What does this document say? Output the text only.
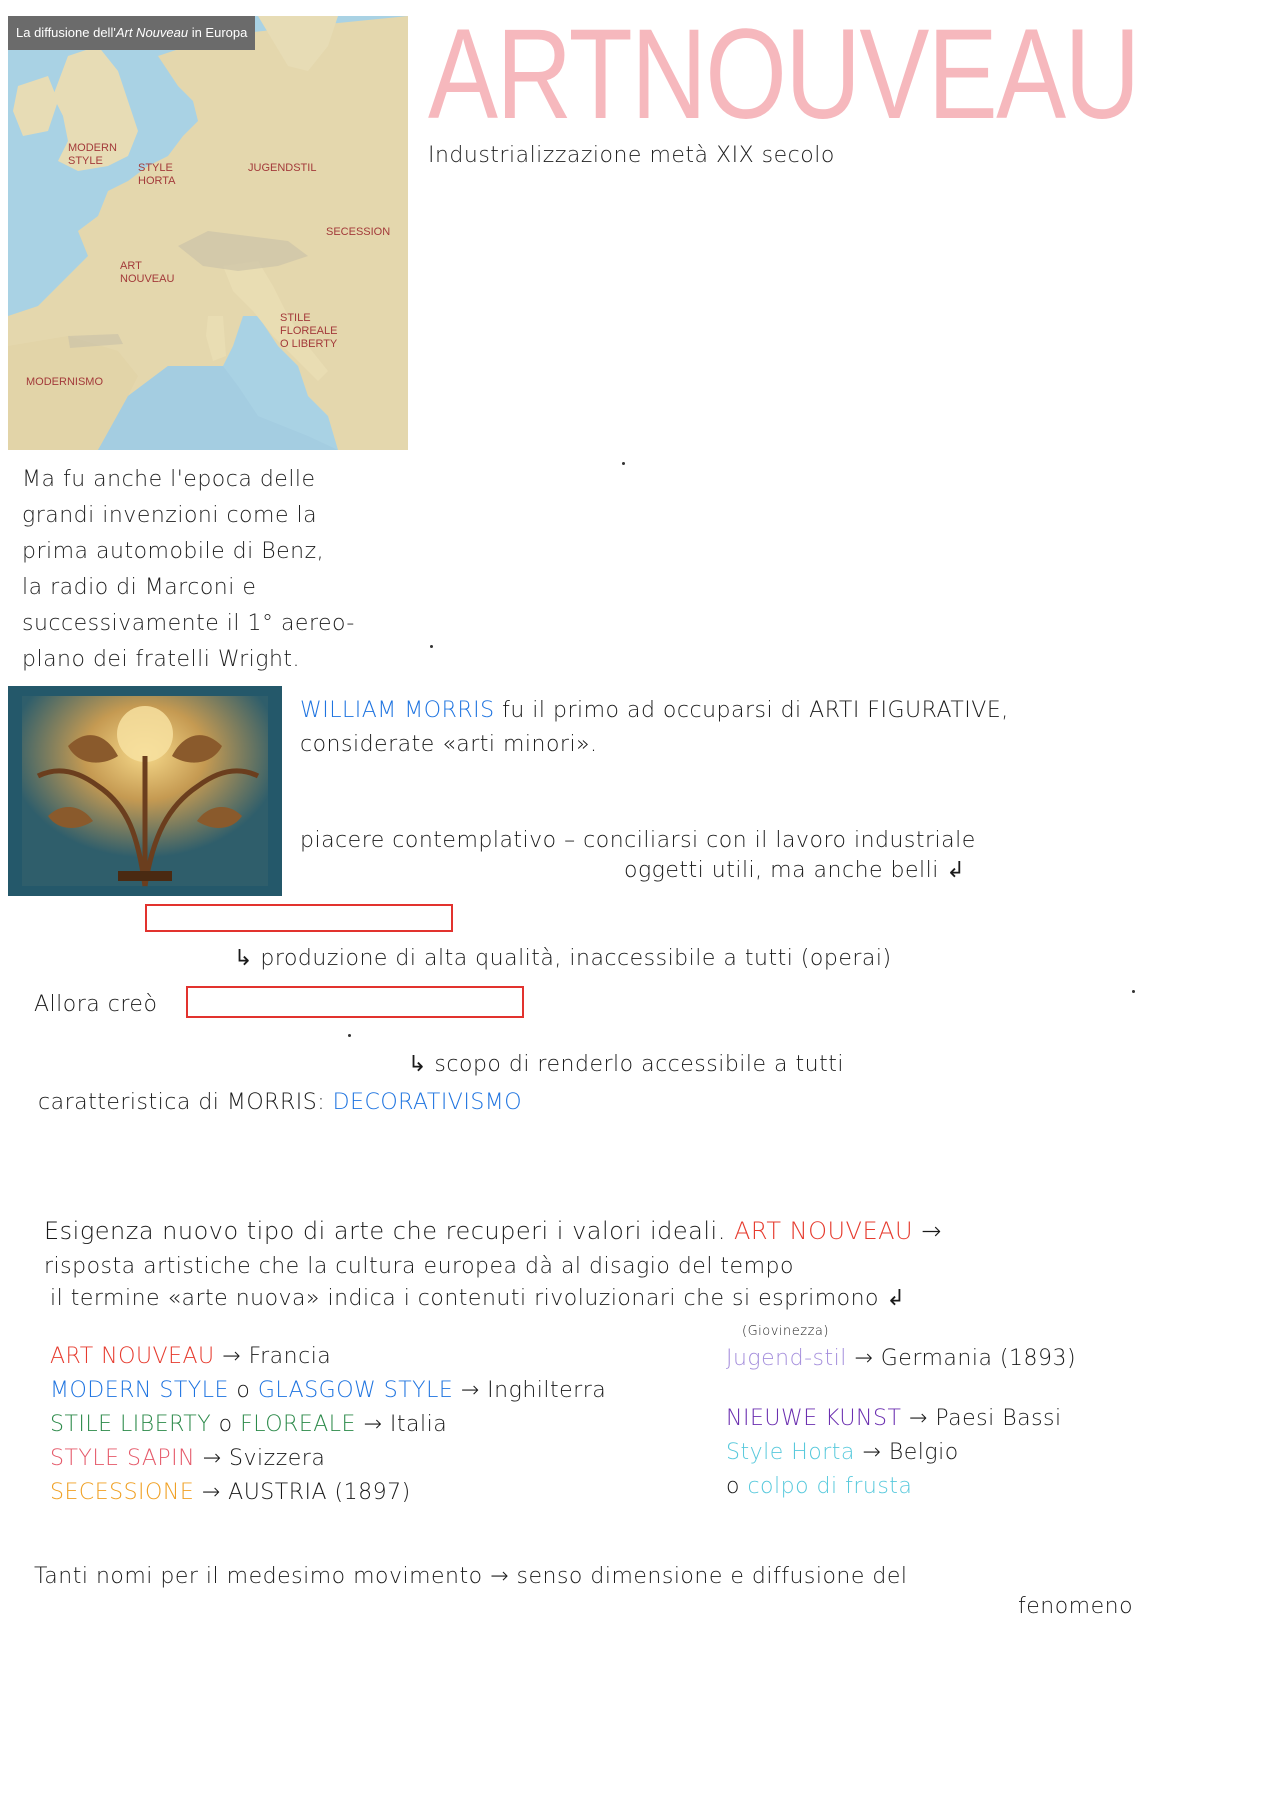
La diffusione dell'Art Nouveau in Europa
MODERN
STYLE
STYLE
HORTA
JUGENDSTIL
SECESSION
ART
NOUVEAU
STILE
FLOREALE
O LIBERTY
MODERNISMO
ARTNOUVEAU
Industrializzazione metà XIX secolo
Ma fu anche l'epoca delle
grandi invenzioni come la
prima automobile di Benz,
la radio di Marconi e
successivamente il 1° aereo-
plano dei fratelli Wright.
WILLIAM MORRIS fu il primo ad occuparsi di ARTI FIGURATIVE,
considerate «arti minori».
piacere contemplativo – conciliarsi con il lavoro industriale
oggetti utili, ma anche belli ↲
↳ produzione di alta qualità, inaccessibile a tutti (operai)
Allora creò
↳ scopo di renderlo accessibile a tutti
caratteristica di MORRIS: DECORATIVISMO
Esigenza nuovo tipo di arte che recuperi i valori ideali. ART NOUVEAU →
risposta artistiche che la cultura europea dà al disagio del tempo
il termine «arte nuova» indica i contenuti rivoluzionari che si esprimono ↲
ART NOUVEAU → Francia
MODERN STYLE o GLASGOW STYLE → Inghilterra
STILE LIBERTY o FLOREALE → Italia
STYLE SAPIN → Svizzera
SECESSIONE → AUSTRIA (1897)
(Giovinezza)
Jugend-stil → Germania (1893)
NIEUWE KUNST → Paesi Bassi
Style Horta → Belgio
o colpo di frusta
Tanti nomi per il medesimo movimento → senso dimensione e diffusione del
fenomeno
